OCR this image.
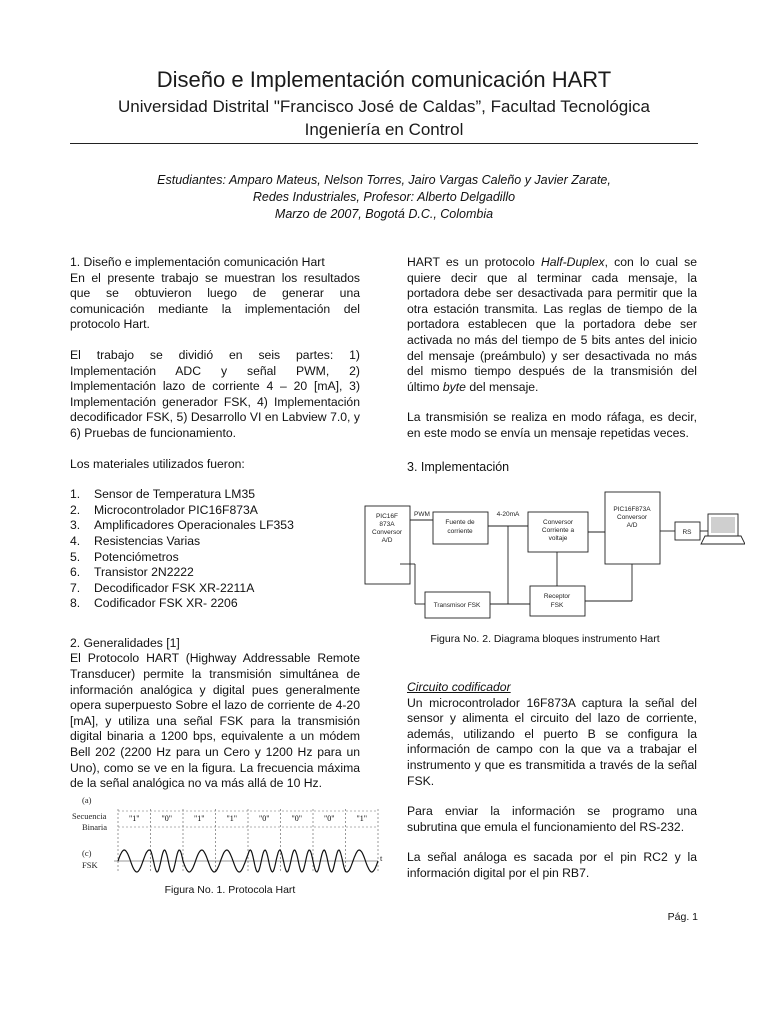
Diseño e Implementación comunicación HART
Universidad Distrital "Francisco José de Caldas”, Facultad Tecnológica
Ingeniería en Control
Estudiantes: Amparo Mateus, Nelson Torres, Jairo Vargas Caleño y Javier Zarate,
Redes Industriales, Profesor: Alberto Delgadillo
Marzo de 2007, Bogotá D.C., Colombia

1. Diseño e implementación comunicación Hart

En el presente trabajo se muestran los resultados que se obtuvieron luego de generar una comunicación mediante la implementación del protocolo Hart.

El trabajo se dividió en seis partes: 1) Implementación ADC y señal PWM, 2) Implementación lazo de corriente 4 – 20 [mA], 3) Implementación generador FSK, 4) Implementación decodificador FSK, 5) Desarrollo VI en Labview 7.0, y 6) Pruebas de funcionamiento.

Los materiales utilizados fueron:

1.	Sensor de Temperatura LM35
2.	Microcontrolador PIC16F873A
3.	Amplificadores Operacionales LF353
4.	Resistencias Varias
5.	Potenciómetros
6.	Transistor 2N2222
7.	Decodificador FSK XR-2211A
8.	Codificador FSK XR- 2206

2. Generalidades [1]

El Protocolo HART (Highway Addressable Remote Transducer) permite la transmisión simultánea de información analógica y digital pues generalmente opera superpuesto Sobre el lazo de corriente de 4-20 [mA], y utiliza una señal FSK para la transmisión digital binaria a 1200 bps, equivalente a un módem Bell 202 (2200 Hz para un Cero y 1200 Hz para un Uno), como se ve en la figura. La frecuencia máxima de la señal analógica no va más allá de 10 Hz.

(a)
Secuencia
Binaria
(c)
FSK
t
"1"	"0"	"1"	"1"	"0"	"0"	"0"	"1"
Figura No. 1. Protocola Hart

HART es un protocolo Half-Duplex, con lo cual se quiere decir que al terminar cada mensaje, la portadora debe ser desactivada para permitir que la otra estación transmita. Las reglas de tiempo de la portadora establecen que la portadora debe ser activada no más del tiempo de 5 bits antes del inicio del mensaje (preámbulo) y ser desactivada no más del mismo tiempo después de la transmisión del último byte del mensaje.

La transmisión se realiza en modo ráfaga, es decir, en este modo se envía un mensaje repetidas veces.

3. Implementación
PIC16F
873A
Conversor
A/D
PWM
Fuente de
corriente
4-20mA
Conversor
Corriente a
voltaje
PIC16F873A
Conversor
A/D
RS
Transmisor FSK
Receptor
FSK
Figura No. 2. Diagrama bloques instrumento Hart

Circuito codificador

Un microcontrolador 16F873A captura la señal del sensor y alimenta el circuito del lazo de corriente, además, utilizando el puerto B se configura la información de campo con la que va a trabajar el instrumento y que es transmitida a través de la señal FSK.

Para enviar la información se programo una subrutina que emula el funcionamiento del RS-232.

La señal análoga es sacada por el pin RC2 y la información digital por el pin RB7.

Pág. 1
